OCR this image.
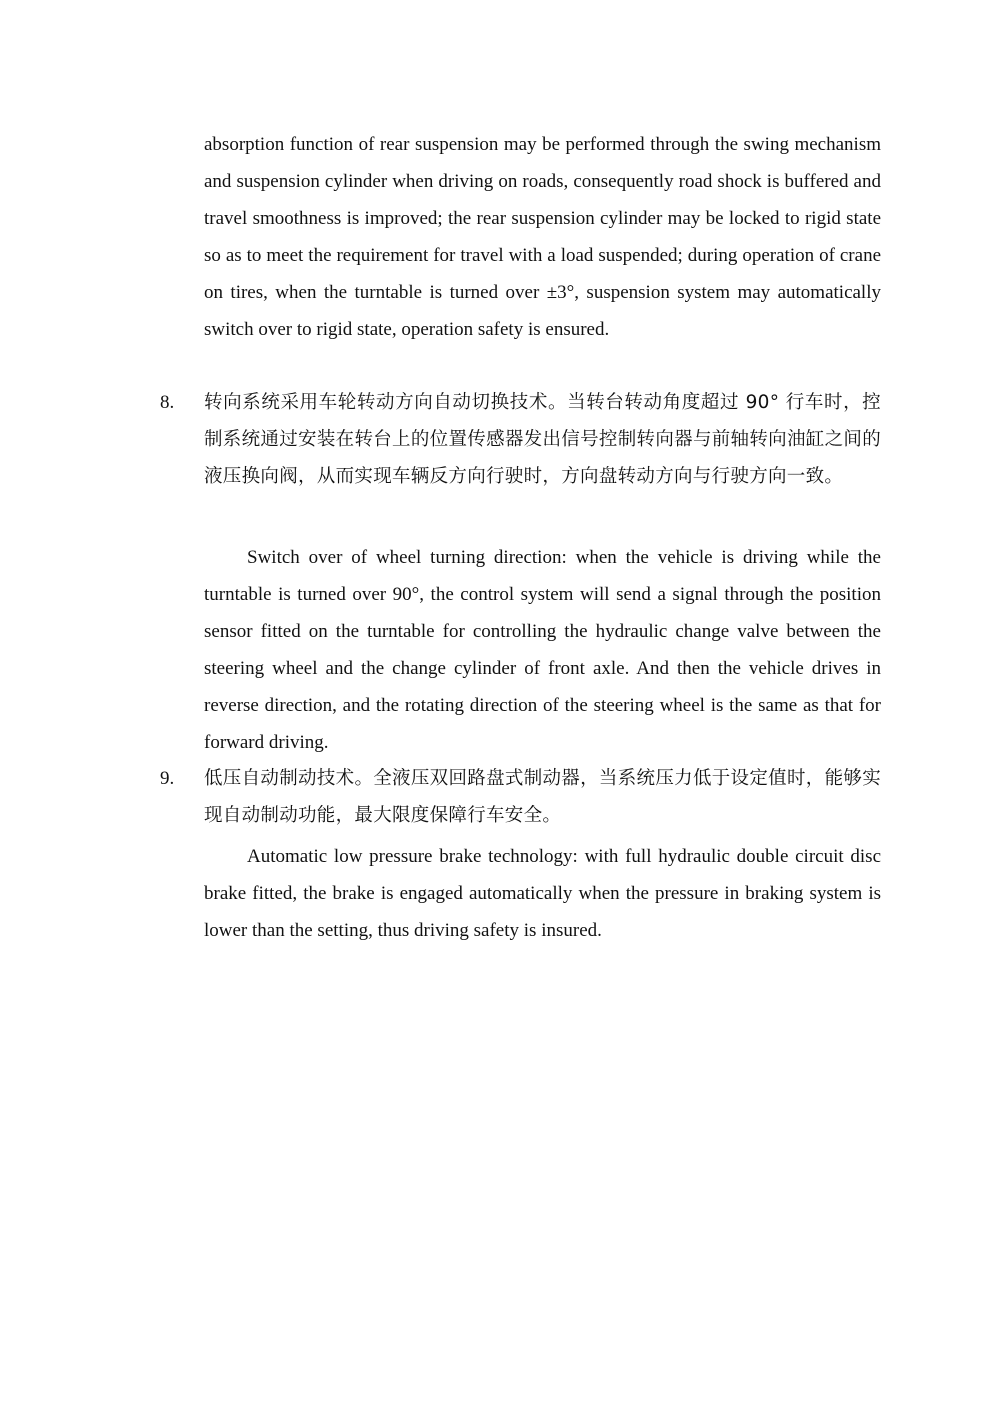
absorption function of rear suspension may be performed through the swing mechanism and suspension cylinder when driving on roads, consequently road shock is buffered and travel smoothness is improved; the rear suspension cylinder may be locked to rigid state so as to meet the requirement for travel with a load suspended; during operation of crane on tires, when the turntable is turned over ±3°, suspension system may automatically switch over to rigid state, operation safety is ensured.

8. 转向系统采用车轮转动方向自动切换技术。当转台转动角度超过 90° 行车时，控制系统通过安装在转台上的位置传感器发出信号控制转向器与前轴转向油缸之间的液压换向阀，从而实现车辆反方向行驶时，方向盘转动方向与行驶方向一致。

Switch over of wheel turning direction: when the vehicle is driving while the turntable is turned over 90°, the control system will send a signal through the position sensor fitted on the turntable for controlling the hydraulic change valve between the steering wheel and the change cylinder of front axle. And then the vehicle drives in reverse direction, and the rotating direction of the steering wheel is the same as that for forward driving.

9. 低压自动制动技术。全液压双回路盘式制动器，当系统压力低于设定值时，能够实现自动制动功能，最大限度保障行车安全。

Automatic low pressure brake technology: with full hydraulic double circuit disc brake fitted, the brake is engaged automatically when the pressure in braking system is lower than the setting, thus driving safety is insured.
